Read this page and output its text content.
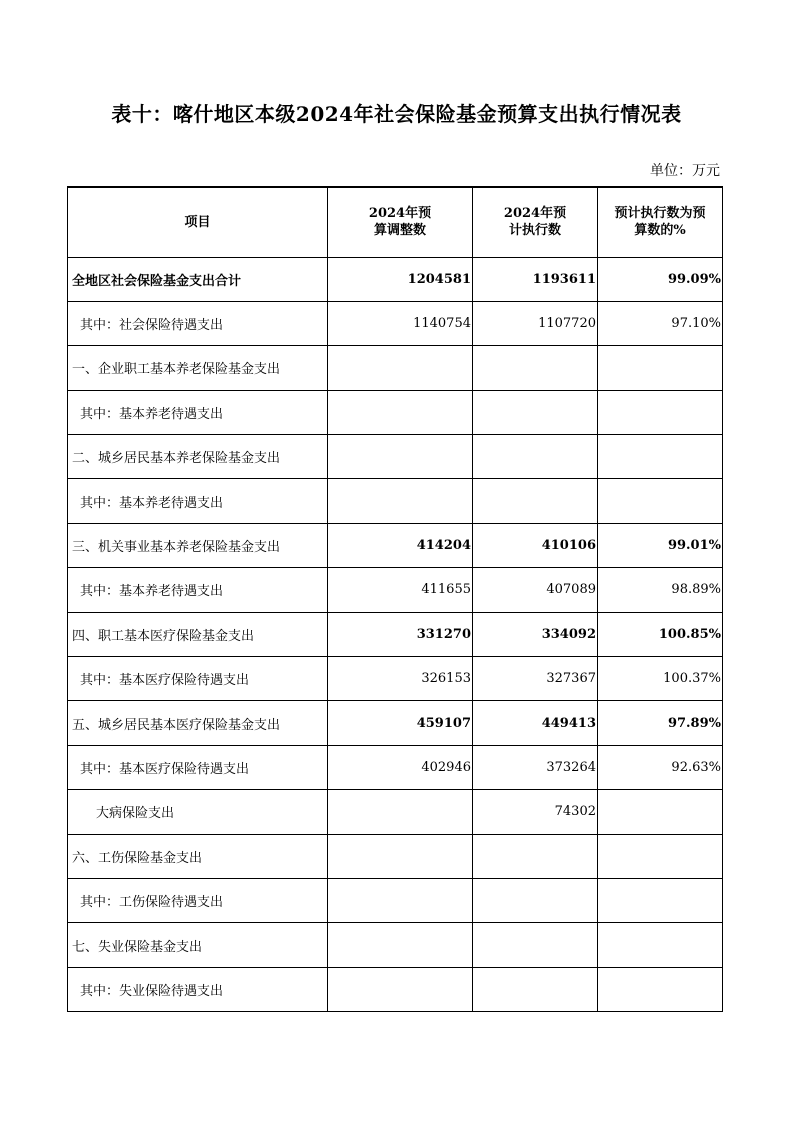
表十：喀什地区本级2024年社会保险基金预算支出执行情况表
单位：万元
项目	2024年预算调整数	2024年预计执行数	预计执行数为预算数的%

全地区社会保险基金支出合计	1204581	1193611	99.09%
其中：社会保险待遇支出	1140754	1107720	97.10%
一、企业职工基本养老保险基金支出			
其中：基本养老待遇支出			
二、城乡居民基本养老保险基金支出			
其中：基本养老待遇支出			
三、机关事业基本养老保险基金支出	414204	410106	99.01%
其中：基本养老待遇支出	411655	407089	98.89%
四、职工基本医疗保险基金支出	331270	334092	100.85%
其中：基本医疗保险待遇支出	326153	327367	100.37%
五、城乡居民基本医疗保险基金支出	459107	449413	97.89%
其中：基本医疗保险待遇支出	402946	373264	92.63%
大病保险支出		74302	
六、工伤保险基金支出			
其中：工伤保险待遇支出			
七、失业保险基金支出			
其中：失业保险待遇支出			
